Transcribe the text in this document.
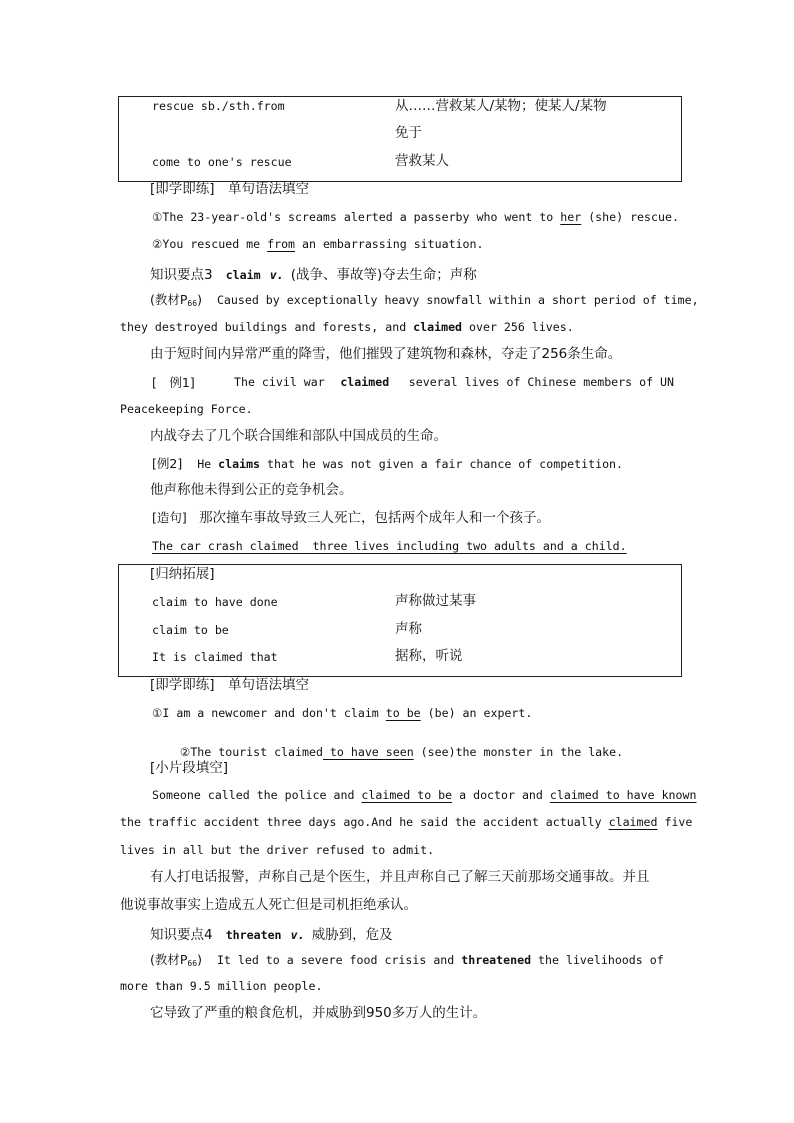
rescue sb./sth.from	从……营救某人/某物；使某人/某物
免于
come to one's rescue	营救某人
[即学即练]　单句语法填空
①The 23-year-old's screams alerted a passerby who went to her (she) rescue.
②You rescued me from an embarrassing situation.
知识要点3 claim v. (战争、事故等)夺去生命；声称
(教材$P_{66}$) Caused by exceptionally heavy snowfall within a short period of time,
they destroyed buildings and forests, and claimed over 256 lives.
由于短时间内异常严重的降雪，他们摧毁了建筑物和森林，夺走了256条生命。
[　例1]	The civil war claimed several lives of Chinese members of UN
Peacekeeping Force.
内战夺去了几个联合国维和部队中国成员的生命。
[例2] He claims that he was not given a fair chance of competition.
他声称他未得到公正的竞争机会。
[造句] 那次撞车事故导致三人死亡，包括两个成年人和一个孩子。
The car crash claimed  three lives including two adults and a child.
[归纳拓展]
claim to have done	声称做过某事
claim to be	声称
It is claimed that	据称，听说
[即学即练]　单句语法填空
①I am a newcomer and don't claim to be (be) an expert.

②The tourist claimed to have seen (see)the monster in the lake.

[小片段填空]
Someone called the police and claimed to be a doctor and claimed to have known
the traffic accident three days ago.And he said the accident actually claimed five
lives in all but the driver refused to admit.
有人打电话报警，声称自己是个医生，并且声称自己了解三天前那场交通事故。并且
他说事故事实上造成五人死亡但是司机拒绝承认。
知识要点4 threaten v. 威胁到，危及
(教材$P_{66}$) It led to a severe food crisis and threatened the livelihoods of
more than 9.5 million people.
它导致了严重的粮食危机，并威胁到950多万人的生计。
